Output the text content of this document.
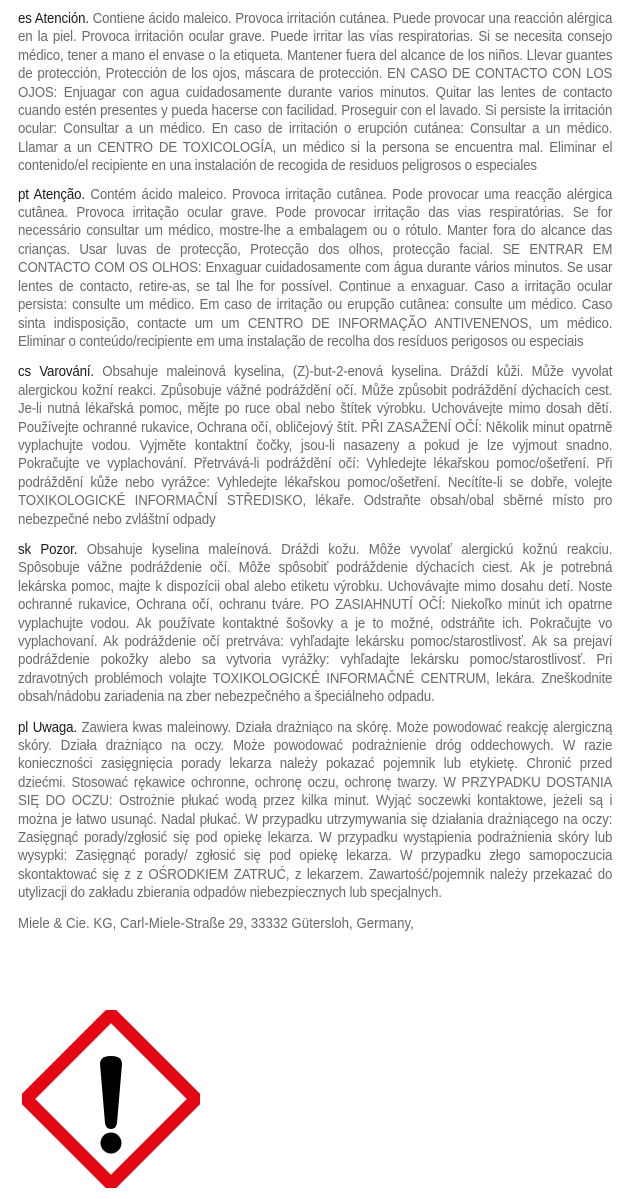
es Atención. Contiene ácido maleico. Provoca irritación cutánea. Puede provocar una reacción alérgica en la piel. Provoca irritación ocular grave. Puede irritar las vías respiratorias. Si se necesita consejo médico, tener a mano el envase o la etiqueta. Mantener fuera del alcance de los niños. Llevar guantes de protección, Protección de los ojos, máscara de protección. EN CASO DE CONTACTO CON LOS OJOS: Enjuagar con agua cuidadosamente durante varios minutos. Quitar las lentes de contacto cuando estén presentes y pueda hacerse con facilidad. Proseguir con el lavado. Si persiste la irritación ocular: Consultar a un médico. En caso de irritación o erupción cutánea: Consultar a un médico. Llamar a un CENTRO DE TOXICOLOGÍA, un médico si la persona se encuentra mal. Eliminar el contenido/el recipiente en una instalación de recogida de residuos peligrosos o especiales

pt Atenção. Contém ácido maleico. Provoca irritação cutânea. Pode provocar uma reacção alérgica cutânea. Provoca irritação ocular grave. Pode provocar irritação das vias respiratórias. Se for necessário consultar um médico, mostre-lhe a embalagem ou o rótulo. Manter fora do alcance das crianças. Usar luvas de protecção, Protecção dos olhos, protecção facial. SE ENTRAR EM CONTACTO COM OS OLHOS: Enxaguar cuidadosamente com água durante vários minutos. Se usar lentes de contacto, retire-as, se tal lhe for possível. Continue a enxaguar. Caso a irritação ocular persista: consulte um médico. Em caso de irritação ou erupção cutânea: consulte um médico. Caso sinta indisposição, contacte um um CENTRO DE INFORMAÇÃO ANTIVENENOS, um médico. Eliminar o conteúdo/recipiente em uma instalação de recolha dos resíduos perigosos ou especiais

cs Varování. Obsahuje maleinová kyselina, (Z)-but-2-enová kyselina. Dráždí kůži. Může vyvolat alergickou kožní reakci. Způsobuje vážné podráždění očí. Může způsobit podráždění dýchacích cest. Je-li nutná lékařská pomoc, mějte po ruce obal nebo štítek výrobku. Uchovávejte mimo dosah dětí. Používejte ochranné rukavice, Ochrana očí, obličejový štít. PŘI ZASAŽENÍ OČÍ: Několik minut opatrně vyplachujte vodou. Vyjměte kontaktní čočky, jsou-li nasazeny a pokud je lze vyjmout snadno. Pokračujte ve vyplachování. Přetrvává-li podráždění očí: Vyhledejte lékařskou pomoc/ošetření. Při podráždění kůže nebo vyrážce: Vyhledejte lékařskou pomoc/ošetření. Necítíte-li se dobře, volejte TOXIKOLOGICKÉ INFORMAČNÍ STŘEDISKO, lékaře. Odstraňte obsah/obal sběrné místo pro nebezpečné nebo zvláštní odpady

sk Pozor. Obsahuje kyselina maleínová. Dráždi kožu. Môže vyvolať alergickú kožnú reakciu. Spôsobuje vážne podráždenie očí. Môže spôsobiť podráždenie dýchacích ciest. Ak je potrebná lekárska pomoc, majte k dispozícii obal alebo etiketu výrobku. Uchovávajte mimo dosahu detí. Noste ochranné rukavice, Ochrana očí, ochranu tváre. PO ZASIAHNUTÍ OČÍ: Niekoľko minút ich opatrne vyplachujte vodou. Ak používate kontaktné šošovky a je to možné, odstráňte ich. Pokračujte vo vyplachovaní. Ak podráždenie očí pretrváva: vyhľadajte lekársku pomoc/starostlivosť. Ak sa prejaví podráždenie pokožky alebo sa vytvoria vyrážky: vyhľadajte lekársku pomoc/starostlivosť. Pri zdravotných problémoch volajte TOXIKOLOGICKÉ INFORMAČNÉ CENTRUM, lekára. Zneškodnite obsah/nádobu zariadenia na zber nebezpečného a špeciálneho odpadu.

pl Uwaga. Zawiera kwas maleinowy. Działa drażniąco na skórę. Może powodować reakcję alergiczną skóry. Działa drażniąco na oczy. Może powodować podrażnienie dróg oddechowych. W razie konieczności zasięgnięcia porady lekarza należy pokazać pojemnik lub etykietę. Chronić przed dziećmi. Stosować rękawice ochronne, ochronę oczu, ochronę twarzy. W PRZYPADKU DOSTANIA SIĘ DO OCZU: Ostrożnie płukać wodą przez kilka minut. Wyjąć soczewki kontaktowe, jeżeli są i można je łatwo usunąć. Nadal płukać. W przypadku utrzymywania się działania drażniącego na oczy: Zasięgnąć porady/zgłosić się pod opiekę lekarza. W przypadku wystąpienia podrażnienia skóry lub wysypki: Zasięgnąć porady/ zgłosić się pod opiekę lekarza. W przypadku złego samopoczucia skontaktować się z z OŚRODKIEM ZATRUĆ, z lekarzem. Zawartość/pojemnik należy przekazać do utylizacji do zakładu zbierania odpadów niebezpiecznych lub specjalnych.

Miele & Cie. KG, Carl-Miele-Straße 29, 33332 Gütersloh, Germany,
